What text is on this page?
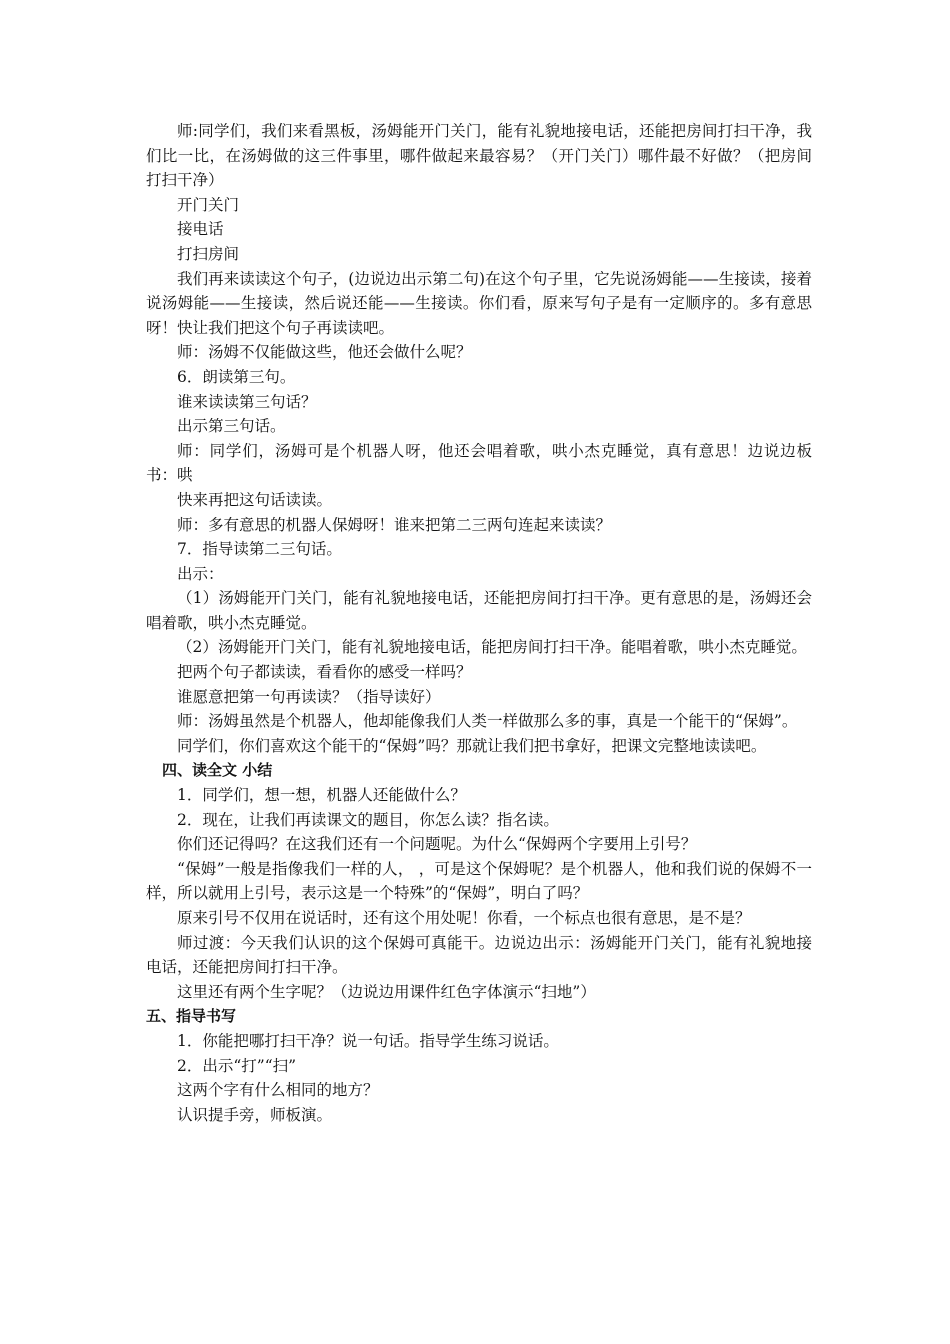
师:同学们，我们来看黑板，汤姆能开门关门，能有礼貌地接电话，还能把房间打扫干净，我们比一比，在汤姆做的这三件事里，哪件做起来最容易？（开门关门）哪件最不好做？（把房间打扫干净）

开门关门

接电话

打扫房间

我们再来读读这个句子，(边说边出示第二句)在这个句子里，它先说汤姆能——生接读，接着说汤姆能——生接读，然后说还能——生接读。你们看，原来写句子是有一定顺序的。多有意思呀！快让我们把这个句子再读读吧。

师：汤姆不仅能做这些，他还会做什么呢？

6．朗读第三句。

谁来读读第三句话？

出示第三句话。

师：同学们，汤姆可是个机器人呀，他还会唱着歌，哄小杰克睡觉，真有意思！边说边板书：哄

快来再把这句话读读。

师：多有意思的机器人保姆呀！谁来把第二三两句连起来读读？

7．指导读第二三句话。

出示：

（1）汤姆能开门关门，能有礼貌地接电话，还能把房间打扫干净。更有意思的是，汤姆还会唱着歌，哄小杰克睡觉。

（2）汤姆能开门关门，能有礼貌地接电话，能把房间打扫干净。能唱着歌，哄小杰克睡觉。

把两个句子都读读，看看你的感受一样吗？

谁愿意把第一句再读读？（指导读好）

师：汤姆虽然是个机器人，他却能像我们人类一样做那么多的事，真是一个能干的“保姆”。

同学们，你们喜欢这个能干的“保姆”吗？那就让我们把书拿好，把课文完整地读读吧。

四、读全文 小结

1．同学们，想一想，机器人还能做什么？

2．现在，让我们再读课文的题目，你怎么读？指名读。

你们还记得吗？在这我们还有一个问题呢。为什么“保姆两个字要用上引号？

“保姆”一般是指像我们一样的人， ，可是这个保姆呢？是个机器人，他和我们说的保姆不一样，所以就用上引号，表示这是一个特殊”的“保姆”，明白了吗？

原来引号不仅用在说话时，还有这个用处呢！你看，一个标点也很有意思，是不是？

师过渡：今天我们认识的这个保姆可真能干。边说边出示：汤姆能开门关门，能有礼貌地接电话，还能把房间打扫干净。

这里还有两个生字呢？（边说边用课件红色字体演示“扫地”）

五、指导书写

1．你能把哪打扫干净？说一句话。指导学生练习说话。

2．出示“打”“扫”

这两个字有什么相同的地方？

认识提手旁，师板演。
